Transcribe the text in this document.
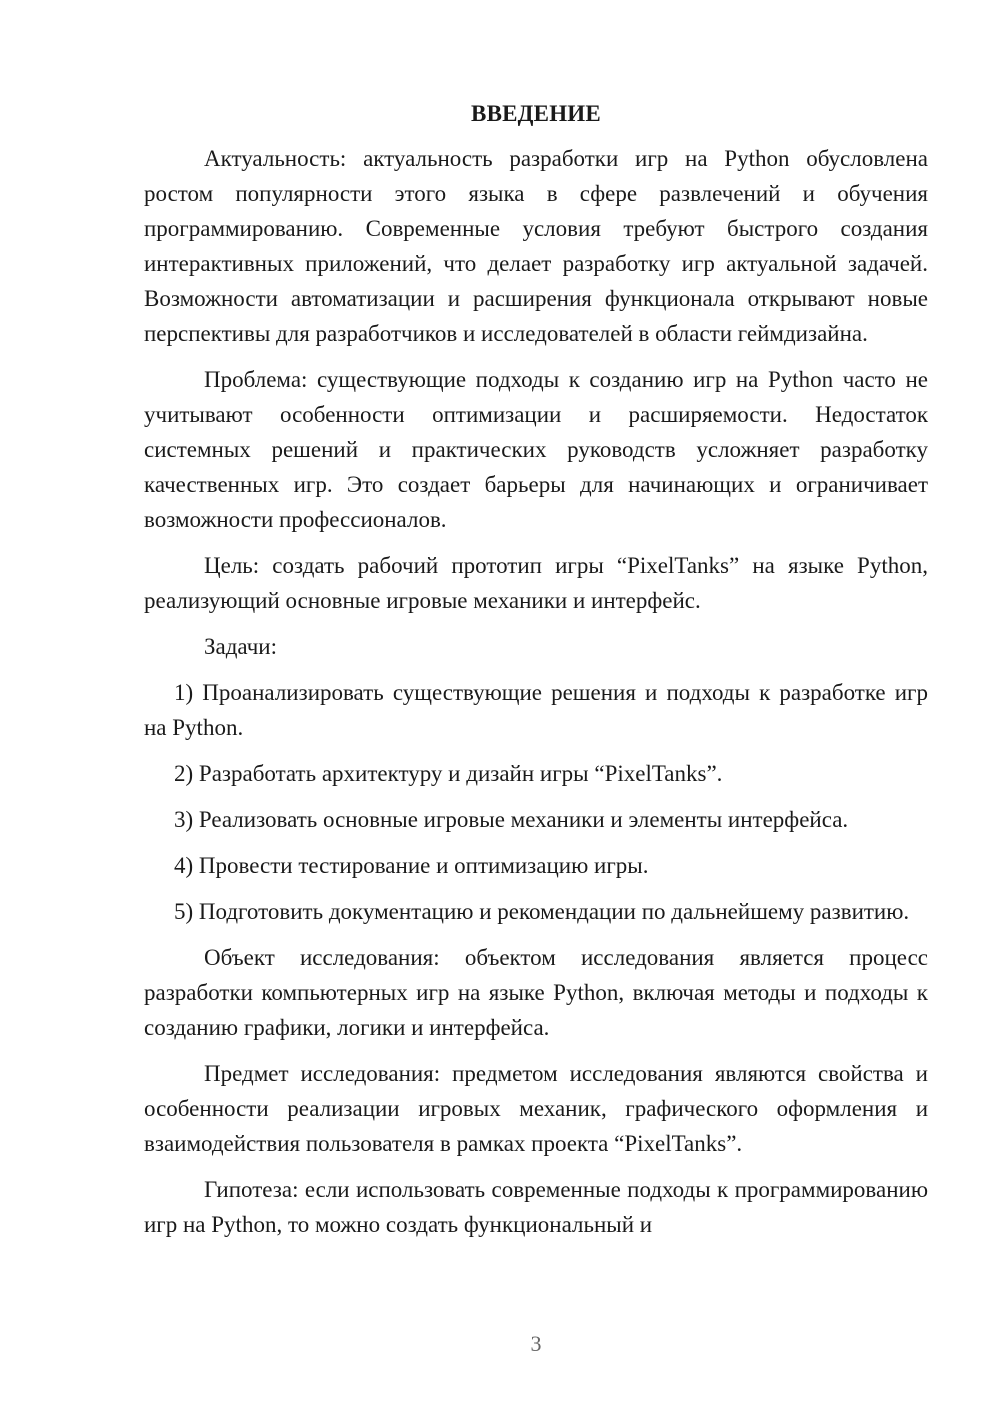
ВВЕДЕНИЕ

Актуальность: актуальность разработки игр на Python обусловлена ростом популярности этого языка в сфере развлечений и обучения программированию. Современные условия требуют быстрого создания интерактивных приложений, что делает разработку игр актуальной задачей. Возможности автоматизации и расширения функционала открывают новые перспективы для разработчиков и исследователей в области геймдизайна.

Проблема: существующие подходы к созданию игр на Python часто не учитывают особенности оптимизации и расширяемости. Недостаток системных решений и практических руководств усложняет разработку качественных игр. Это создает барьеры для начинающих и ограничивает возможности профессионалов.

Цель: создать рабочий прототип игры “PixelTanks” на языке Python, реализующий основные игровые механики и интерфейс.

Задачи:

1) Проанализировать существующие решения и подходы к разработке игр на Python.

2) Разработать архитектуру и дизайн игры “PixelTanks”.

3) Реализовать основные игровые механики и элементы интерфейса.

4) Провести тестирование и оптимизацию игры.

5) Подготовить документацию и рекомендации по дальнейшему развитию.

Объект исследования: объектом исследования является процесс разработки компьютерных игр на языке Python, включая методы и подходы к созданию графики, логики и интерфейса.

Предмет исследования: предметом исследования являются свойства и особенности реализации игровых механик, графического оформления и взаимодействия пользователя в рамках проекта “PixelTanks”.

Гипотеза: если использовать современные подходы к программированию игр на Python, то можно создать функциональный и

3
